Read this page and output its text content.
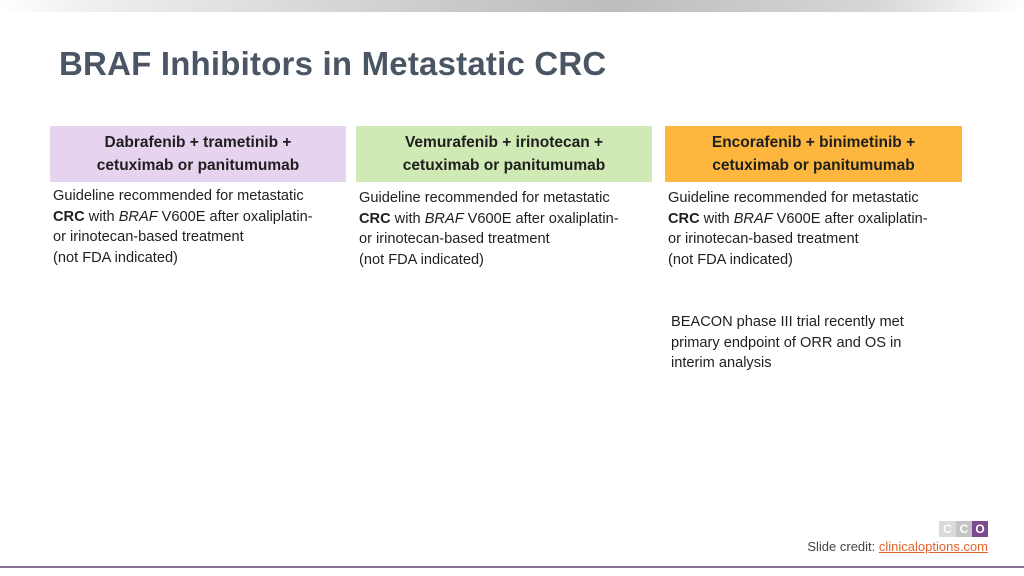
BRAF Inhibitors in Metastatic CRC
Dabrafenib + trametinib +
cetuximab or panitumumab
Guideline recommended for metastatic
CRC with BRAF V600E after oxaliplatin-
or irinotecan-based treatment
(not FDA indicated)
Vemurafenib + irinotecan +
cetuximab or panitumumab
Guideline recommended for metastatic
CRC with BRAF V600E after oxaliplatin-
or irinotecan-based treatment
(not FDA indicated)
Encorafenib + binimetinib +
cetuximab or panitumumab
Guideline recommended for metastatic
CRC with BRAF V600E after oxaliplatin-
or irinotecan-based treatment
(not FDA indicated)
BEACON phase III trial recently met primary endpoint of ORR and OS in interim analysis
C C O
Slide credit: clinicaloptions.com
